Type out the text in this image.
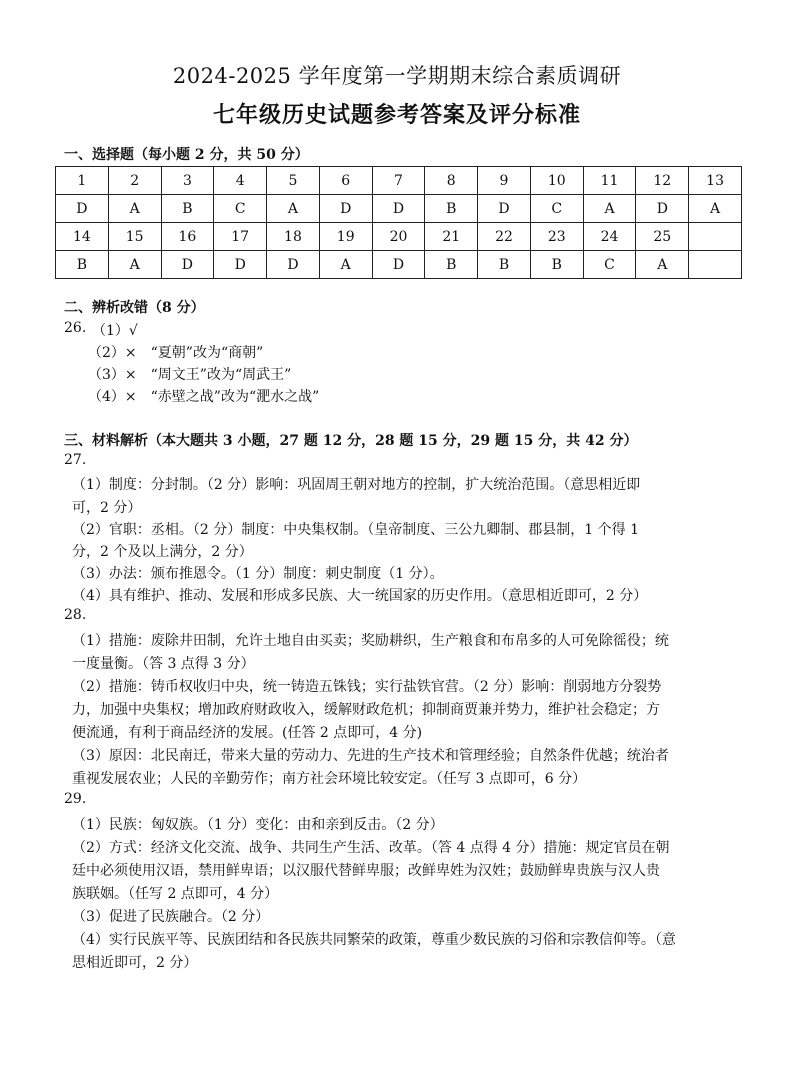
2024-2025 学年度第一学期期末综合素质调研
七年级历史试题参考答案及评分标准
一、选择题（每小题 2 分，共 50 分）
1	2	3	4	5	6	7	8	9	10	11	12	13
D	A	B	C	A	D	D	B	D	C	A	D	A
14	15	16	17	18	19	20	21	22	23	24	25	
B	A	D	D	D	A	D	B	B	B	C	A	
二、辨析改错（8 分）
26. （1）√
（2）×　“夏朝”改为“商朝”
（3）×　“周文王”改为“周武王”
（4）×　“赤壁之战”改为“淝水之战”
三、材料解析（本大题共 3 小题，27 题 12 分，28 题 15 分，29 题 15 分，共 42 分）
27.
（1）制度：分封制。（2 分）影响：巩固周王朝对地方的控制，扩大统治范围。（意思相近即
可，2 分）
（2）官职：丞相。（2 分）制度：中央集权制。（皇帝制度、三公九卿制、郡县制，1 个得 1
分，2 个及以上满分，2 分）
（3）办法：颁布推恩令。（1 分）制度：刺史制度（1 分）。
（4）具有维护、推动、发展和形成多民族、大一统国家的历史作用。（意思相近即可，2 分）
28.
（1）措施：废除井田制，允许土地自由买卖；奖励耕织，生产粮食和布帛多的人可免除徭役；统
一度量衡。（答 3 点得 3 分）
（2）措施：铸币权收归中央，统一铸造五铢钱；实行盐铁官营。（2 分）影响：削弱地方分裂势
力，加强中央集权；增加政府财政收入，缓解财政危机；抑制商贾兼并势力，维护社会稳定；方
便流通，有利于商品经济的发展。(任答 2 点即可，4 分)
（3）原因：北民南迁，带来大量的劳动力、先进的生产技术和管理经验；自然条件优越；统治者
重视发展农业；人民的辛勤劳作；南方社会环境比较安定。（任写 3 点即可，6 分）
29.
（1）民族：匈奴族。（1 分）变化：由和亲到反击。（2 分）
（2）方式：经济文化交流、战争、共同生产生活、改革。（答 4 点得 4 分）措施：规定官员在朝
廷中必须使用汉语，禁用鲜卑语；以汉服代替鲜卑服；改鲜卑姓为汉姓；鼓励鲜卑贵族与汉人贵
族联姻。（任写 2 点即可，4 分）
（3）促进了民族融合。（2 分）
（4）实行民族平等、民族团结和各民族共同繁荣的政策，尊重少数民族的习俗和宗教信仰等。（意
思相近即可，2 分）
